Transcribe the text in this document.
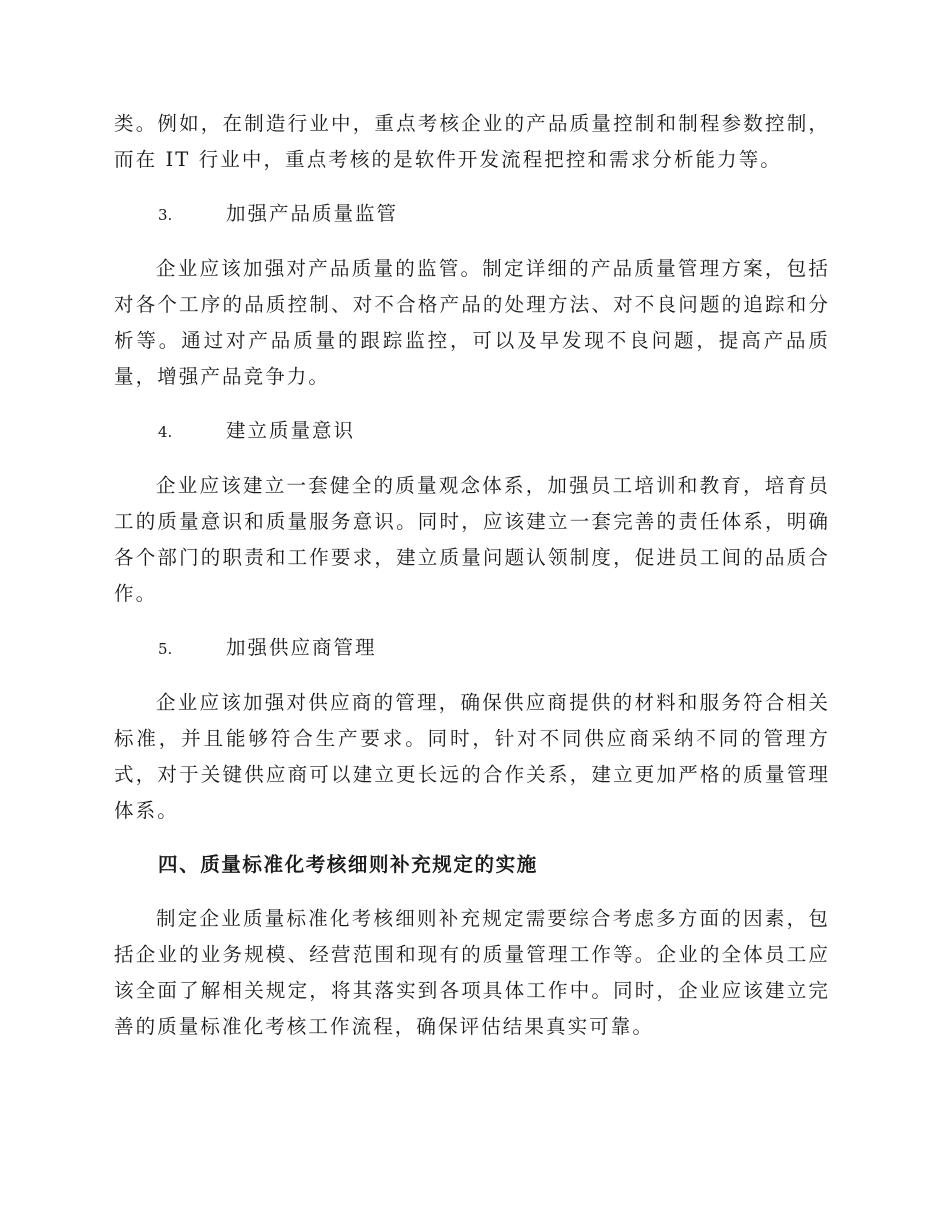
类。例如，在制造行业中，重点考核企业的产品质量控制和制程参数控制，而在 IT 行业中，重点考核的是软件开发流程把控和需求分析能力等。

3.	加强产品质量监管

企业应该加强对产品质量的监管。制定详细的产品质量管理方案，包括对各个工序的品质控制、对不合格产品的处理方法、对不良问题的追踪和分析等。通过对产品质量的跟踪监控，可以及早发现不良问题，提高产品质量，增强产品竞争力。

4.	建立质量意识

企业应该建立一套健全的质量观念体系，加强员工培训和教育，培育员工的质量意识和质量服务意识。同时，应该建立一套完善的责任体系，明确各个部门的职责和工作要求，建立质量问题认领制度，促进员工间的品质合作。

5.	加强供应商管理

企业应该加强对供应商的管理，确保供应商提供的材料和服务符合相关标准，并且能够符合生产要求。同时，针对不同供应商采纳不同的管理方式，对于关键供应商可以建立更长远的合作关系，建立更加严格的质量管理体系。

四、质量标准化考核细则补充规定的实施

制定企业质量标准化考核细则补充规定需要综合考虑多方面的因素，包括企业的业务规模、经营范围和现有的质量管理工作等。企业的全体员工应该全面了解相关规定，将其落实到各项具体工作中。同时，企业应该建立完善的质量标准化考核工作流程，确保评估结果真实可靠。
